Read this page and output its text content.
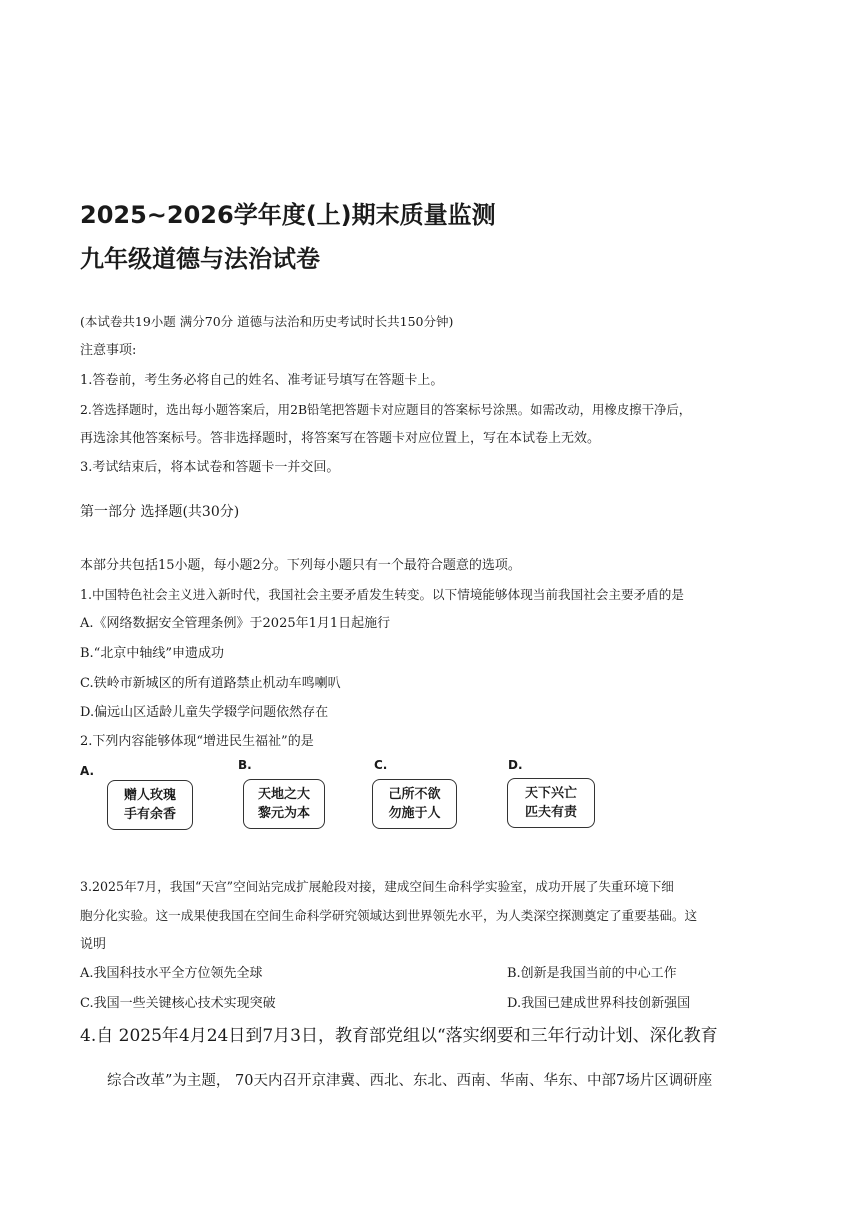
2025~2026学年度(上)期末质量监测
九年级道德与法治试卷
(本试卷共19小题 满分70分 道德与法治和历史考试时长共150分钟)
注意事项:
1.答卷前，考生务必将自己的姓名、准考证号填写在答题卡上。
2.答选择题时，选出每小题答案后，用2B铅笔把答题卡对应题目的答案标号涂黑。如需改动，用橡皮擦干净后，
再选涂其他答案标号。答非选择题时，将答案写在答题卡对应位置上，写在本试卷上无效。
3.考试结束后，将本试卷和答题卡一并交回。
第一部分 选择题(共30分)
本部分共包括15小题，每小题2分。下列每小题只有一个最符合题意的选项。
1.中国特色社会主义进入新时代，我国社会主要矛盾发生转变。以下情境能够体现当前我国社会主要矛盾的是
A.《网络数据安全管理条例》于2025年1月1日起施行
B.“北京中轴线”申遗成功
C.铁岭市新城区的所有道路禁止机动车鸣喇叭
D.偏远山区适龄儿童失学辍学问题依然存在
2.下列内容能够体现“增进民生福祉”的是
A.
赠人玫瑰
手有余香
B.
天地之大
黎元为本
C.
己所不欲
勿施于人
D.
天下兴亡
匹夫有责
3.2025年7月，我国“天宫”空间站完成扩展舱段对接，建成空间生命科学实验室，成功开展了失重环境下细
胞分化实验。这一成果使我国在空间生命科学研究领域达到世界领先水平，为人类深空探测奠定了重要基础。这
说明
A.我国科技水平全方位领先全球	B.创新是我国当前的中心工作
C.我国一些关键核心技术实现突破	D.我国已建成世界科技创新强国
4.自 2025年4月24日到7月3日，教育部党组以“落实纲要和三年行动计划、深化教育
综合改革”为主题， 70天内召开京津冀、西北、东北、西南、华南、华东、中部7场片区调研座
